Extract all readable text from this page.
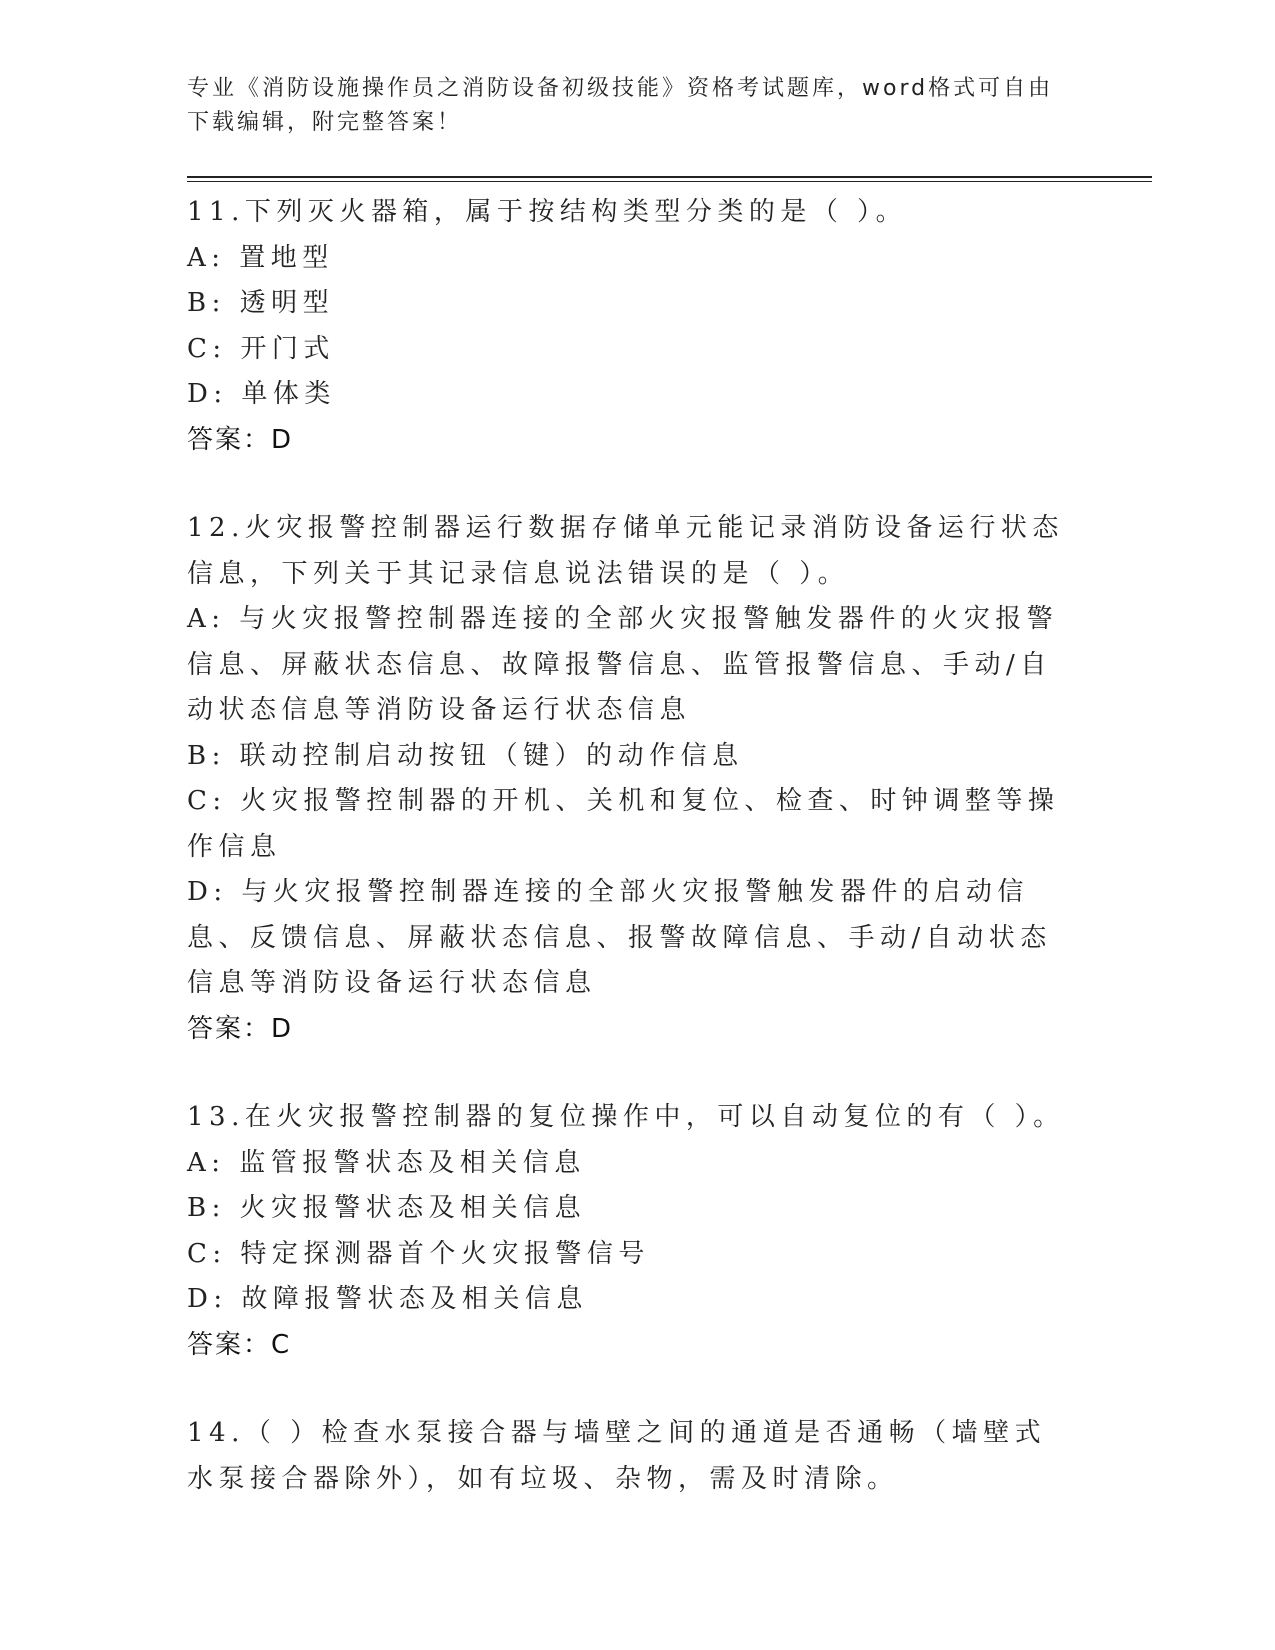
专业《消防设施操作员之消防设备初级技能》资格考试题库，word格式可自由下载编辑，附完整答案！
11.下列灭火器箱，属于按结构类型分类的是（ ）。
A: 置地型
B: 透明型
C: 开门式
D: 单体类
答案：D
12.火灾报警控制器运行数据存储单元能记录消防设备运行状态信息，下列关于其记录信息说法错误的是（ ）。
A: 与火灾报警控制器连接的全部火灾报警触发器件的火灾报警信息、屏蔽状态信息、故障报警信息、监管报警信息、手动/自动状态信息等消防设备运行状态信息
B: 联动控制启动按钮（键）的动作信息
C: 火灾报警控制器的开机、关机和复位、检查、时钟调整等操作信息
D: 与火灾报警控制器连接的全部火灾报警触发器件的启动信息、反馈信息、屏蔽状态信息、报警故障信息、手动/自动状态信息等消防设备运行状态信息
答案：D
13.在火灾报警控制器的复位操作中，可以自动复位的有（ ）。
A: 监管报警状态及相关信息
B: 火灾报警状态及相关信息
C: 特定探测器首个火灾报警信号
D: 故障报警状态及相关信息
答案：C
14.（ ）检查水泵接合器与墙壁之间的通道是否通畅（墙壁式水泵接合器除外），如有垃圾、杂物，需及时清除。
